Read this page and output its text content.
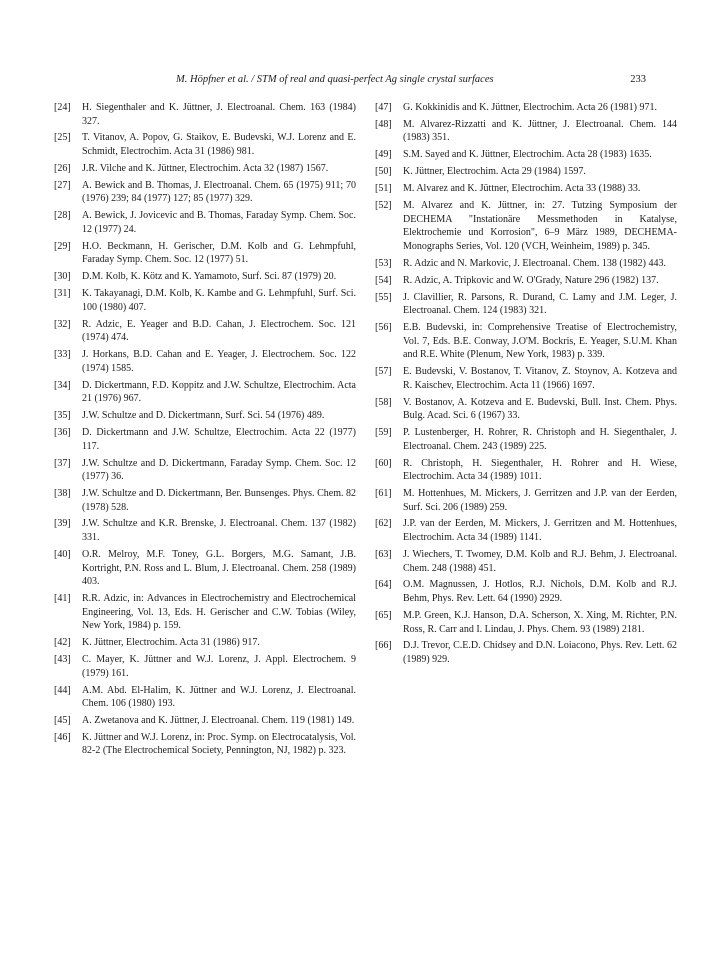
M. Höpfner et al. / STM of real and quasi-perfect Ag single crystal surfaces	233
[24] H. Siegenthaler and K. Jüttner, J. Electroanal. Chem. 163 (1984) 327.
[25] T. Vitanov, A. Popov, G. Staikov, E. Budevski, W.J. Lorenz and E. Schmidt, Electrochim. Acta 31 (1986) 981.
[26] J.R. Vilche and K. Jüttner, Electrochim. Acta 32 (1987) 1567.
[27] A. Bewick and B. Thomas, J. Electroanal. Chem. 65 (1975) 911; 70 (1976) 239; 84 (1977) 127; 85 (1977) 329.
[28] A. Bewick, J. Jovicevic and B. Thomas, Faraday Symp. Chem. Soc. 12 (1977) 24.
[29] H.O. Beckmann, H. Gerischer, D.M. Kolb and G. Lehmpfuhl, Faraday Symp. Chem. Soc. 12 (1977) 51.
[30] D.M. Kolb, K. Kötz and K. Yamamoto, Surf. Sci. 87 (1979) 20.
[31] K. Takayanagi, D.M. Kolb, K. Kambe and G. Lehmpfuhl, Surf. Sci. 100 (1980) 407.
[32] R. Adzic, E. Yeager and B.D. Cahan, J. Electrochem. Soc. 121 (1974) 474.
[33] J. Horkans, B.D. Cahan and E. Yeager, J. Electrochem. Soc. 122 (1974) 1585.
[34] D. Dickertmann, F.D. Koppitz and J.W. Schultze, Electrochim. Acta 21 (1976) 967.
[35] J.W. Schultze and D. Dickertmann, Surf. Sci. 54 (1976) 489.
[36] D. Dickertmann and J.W. Schultze, Electrochim. Acta 22 (1977) 117.
[37] J.W. Schultze and D. Dickertmann, Faraday Symp. Chem. Soc. 12 (1977) 36.
[38] J.W. Schultze and D. Dickertmann, Ber. Bunsenges. Phys. Chem. 82 (1978) 528.
[39] J.W. Schultze and K.R. Brenske, J. Electroanal. Chem. 137 (1982) 331.
[40] O.R. Melroy, M.F. Toney, G.L. Borgers, M.G. Samant, J.B. Kortright, P.N. Ross and L. Blum, J. Electroanal. Chem. 258 (1989) 403.
[41] R.R. Adzic, in: Advances in Electrochemistry and Electrochemical Engineering, Vol. 13, Eds. H. Gerischer and C.W. Tobias (Wiley, New York, 1984) p. 159.
[42] K. Jüttner, Electrochim. Acta 31 (1986) 917.
[43] C. Mayer, K. Jüttner and W.J. Lorenz, J. Appl. Electrochem. 9 (1979) 161.
[44] A.M. Abd. El-Halim, K. Jüttner and W.J. Lorenz, J. Electroanal. Chem. 106 (1980) 193.
[45] A. Zwetanova and K. Jüttner, J. Electroanal. Chem. 119 (1981) 149.
[46] K. Jüttner and W.J. Lorenz, in: Proc. Symp. on Electrocatalysis, Vol. 82-2 (The Electrochemical Society, Pennington, NJ, 1982) p. 323.
[47] G. Kokkinidis and K. Jüttner, Electrochim. Acta 26 (1981) 971.
[48] M. Alvarez-Rizzatti and K. Jüttner, J. Electroanal. Chem. 144 (1983) 351.
[49] S.M. Sayed and K. Jüttner, Electrochim. Acta 28 (1983) 1635.
[50] K. Jüttner, Electrochim. Acta 29 (1984) 1597.
[51] M. Alvarez and K. Jüttner, Electrochim. Acta 33 (1988) 33.
[52] M. Alvarez and K. Jüttner, in: 27. Tutzing Symposium der DECHEMA "Instationäre Messmethoden in Katalyse, Elektrochemie und Korrosion", 6–9 März 1989, DECHEMA-Monographs Series, Vol. 120 (VCH, Weinheim, 1989) p. 345.
[53] R. Adzic and N. Markovic, J. Electroanal. Chem. 138 (1982) 443.
[54] R. Adzic, A. Tripkovic and W. O'Grady, Nature 296 (1982) 137.
[55] J. Clavillier, R. Parsons, R. Durand, C. Lamy and J.M. Leger, J. Electroanal. Chem. 124 (1983) 321.
[56] E.B. Budevski, in: Comprehensive Treatise of Electrochemistry, Vol. 7, Eds. B.E. Conway, J.O'M. Bockris, E. Yeager, S.U.M. Khan and R.E. White (Plenum, New York, 1983) p. 339.
[57] E. Budevski, V. Bostanov, T. Vitanov, Z. Stoynov, A. Kotzeva and R. Kaischev, Electrochim. Acta 11 (1966) 1697.
[58] V. Bostanov, A. Kotzeva and E. Budevski, Bull. Inst. Chem. Phys. Bulg. Acad. Sci. 6 (1967) 33.
[59] P. Lustenberger, H. Rohrer, R. Christoph and H. Siegenthaler, J. Electroanal. Chem. 243 (1989) 225.
[60] R. Christoph, H. Siegenthaler, H. Rohrer and H. Wiese, Electrochim. Acta 34 (1989) 1011.
[61] M. Hottenhues, M. Mickers, J. Gerritzen and J.P. van der Eerden, Surf. Sci. 206 (1989) 259.
[62] J.P. van der Eerden, M. Mickers, J. Gerritzen and M. Hottenhues, Electrochim. Acta 34 (1989) 1141.
[63] J. Wiechers, T. Twomey, D.M. Kolb and R.J. Behm, J. Electroanal. Chem. 248 (1988) 451.
[64] O.M. Magnussen, J. Hotlos, R.J. Nichols, D.M. Kolb and R.J. Behm, Phys. Rev. Lett. 64 (1990) 2929.
[65] M.P. Green, K.J. Hanson, D.A. Scherson, X. Xing, M. Richter, P.N. Ross, R. Carr and I. Lindau, J. Phys. Chem. 93 (1989) 2181.
[66] D.J. Trevor, C.E.D. Chidsey and D.N. Loiacono, Phys. Rev. Lett. 62 (1989) 929.
